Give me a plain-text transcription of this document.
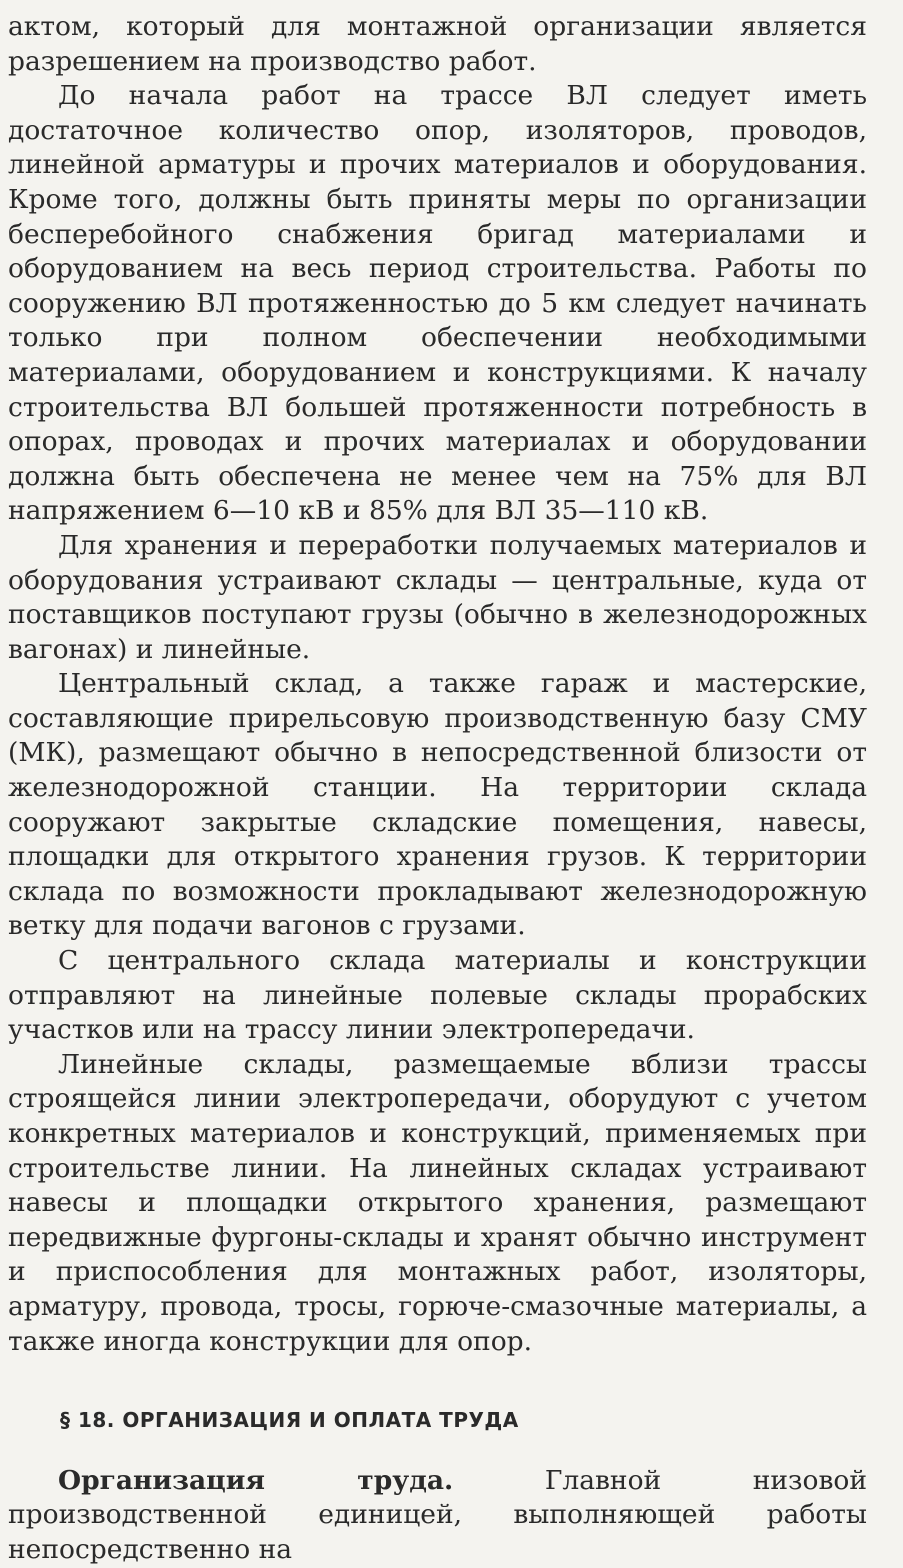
актом, который для монтажной организации является разрешением на производство работ.

До начала работ на трассе ВЛ следует иметь достаточное количество опор, изоляторов, проводов, линейной арматуры и прочих материалов и оборудования. Кроме того, должны быть приняты меры по организации бесперебойного снабжения бригад материалами и оборудованием на весь период строительства. Работы по сооружению ВЛ протяженностью до 5 км следует начинать только при полном обеспечении необходимыми материалами, оборудованием и конструкциями. К началу строительства ВЛ большей протяженности потребность в опорах, проводах и прочих материалах и оборудовании должна быть обеспечена не менее чем на 75% для ВЛ напряжением 6—10 кВ и 85% для ВЛ 35—110 кВ.

Для хранения и переработки получаемых материалов и оборудования устраивают склады — центральные, куда от поставщиков поступают грузы (обычно в железнодорожных вагонах) и линейные.

Центральный склад, а также гараж и мастерские, составляющие прирельсовую производственную базу СМУ (МК), размещают обычно в непосредственной близости от железнодорожной станции. На территории склада сооружают закрытые складские помещения, навесы, площадки для открытого хранения грузов. К территории склада по возможности прокладывают железнодорожную ветку для подачи вагонов с грузами.

С центрального склада материалы и конструкции отправляют на линейные полевые склады прорабских участков или на трассу линии электропередачи.

Линейные склады, размещаемые вблизи трассы строящейся линии электропередачи, оборудуют с учетом конкретных материалов и конструкций, применяемых при строительстве линии. На линейных складах устраивают навесы и площадки открытого хранения, размещают передвижные фургоны-склады и хранят обычно инструмент и приспособления для монтажных работ, изоляторы, арматуру, провода, тросы, горюче-смазочные материалы, а также иногда конструкции для опор.

§ 18. ОРГАНИЗАЦИЯ И ОПЛАТА ТРУДА

Организация труда. Главной низовой производственной единицей, выполняющей работы непосредственно на
